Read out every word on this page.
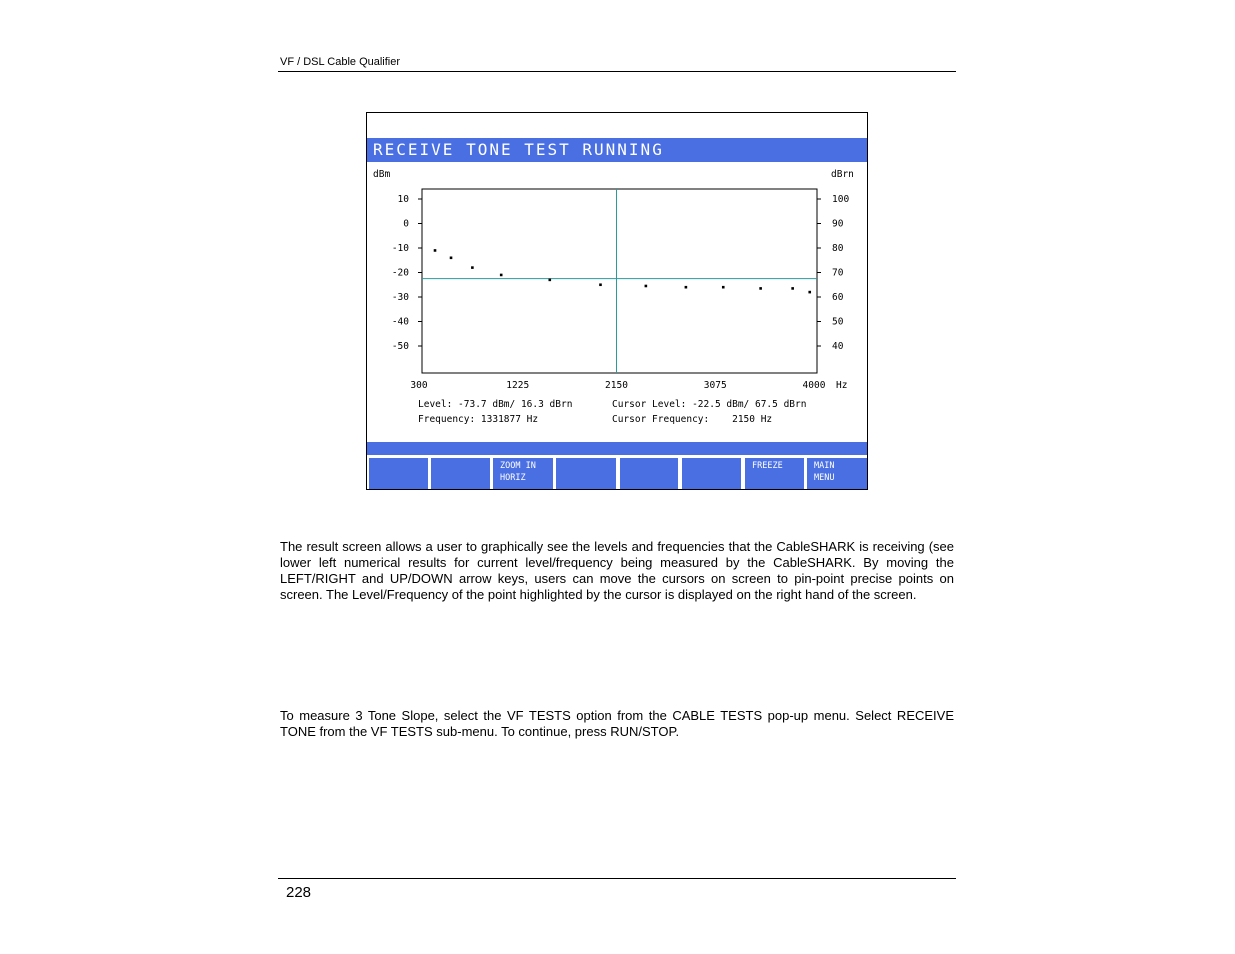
VF / DSL Cable Qualifier
RECEIVE TONE TEST RUNNING
dBm	dBrn
10
0
-10
-20
-30
-40
-50
100
90
80
70
60
50
40
300	1225	2150	3075	4000 Hz
Level: -73.7 dBm/ 16.3 dBrn
Frequency: 1331877 Hz
Cursor Level: -22.5 dBm/ 67.5 dBrn
Cursor Frequency:    2150 Hz

ZOOM IN
HORIZ

FREEZE	MAIN
MENU
The result screen allows a user to graphically see the levels and frequencies that the CableSHARK is receiving (see lower left numerical results for current level/frequency being measured by the CableSHARK. By moving the LEFT/RIGHT and UP/DOWN arrow keys, users can move the cursors on screen to pin-point precise points on screen. The Level/Frequency of the point highlighted by the cursor is displayed on the right hand of the screen.
To measure 3 Tone Slope, select the VF TESTS option from the CABLE TESTS pop-up menu. Select RECEIVE TONE from the VF TESTS sub-menu. To continue, press RUN/STOP.
228
